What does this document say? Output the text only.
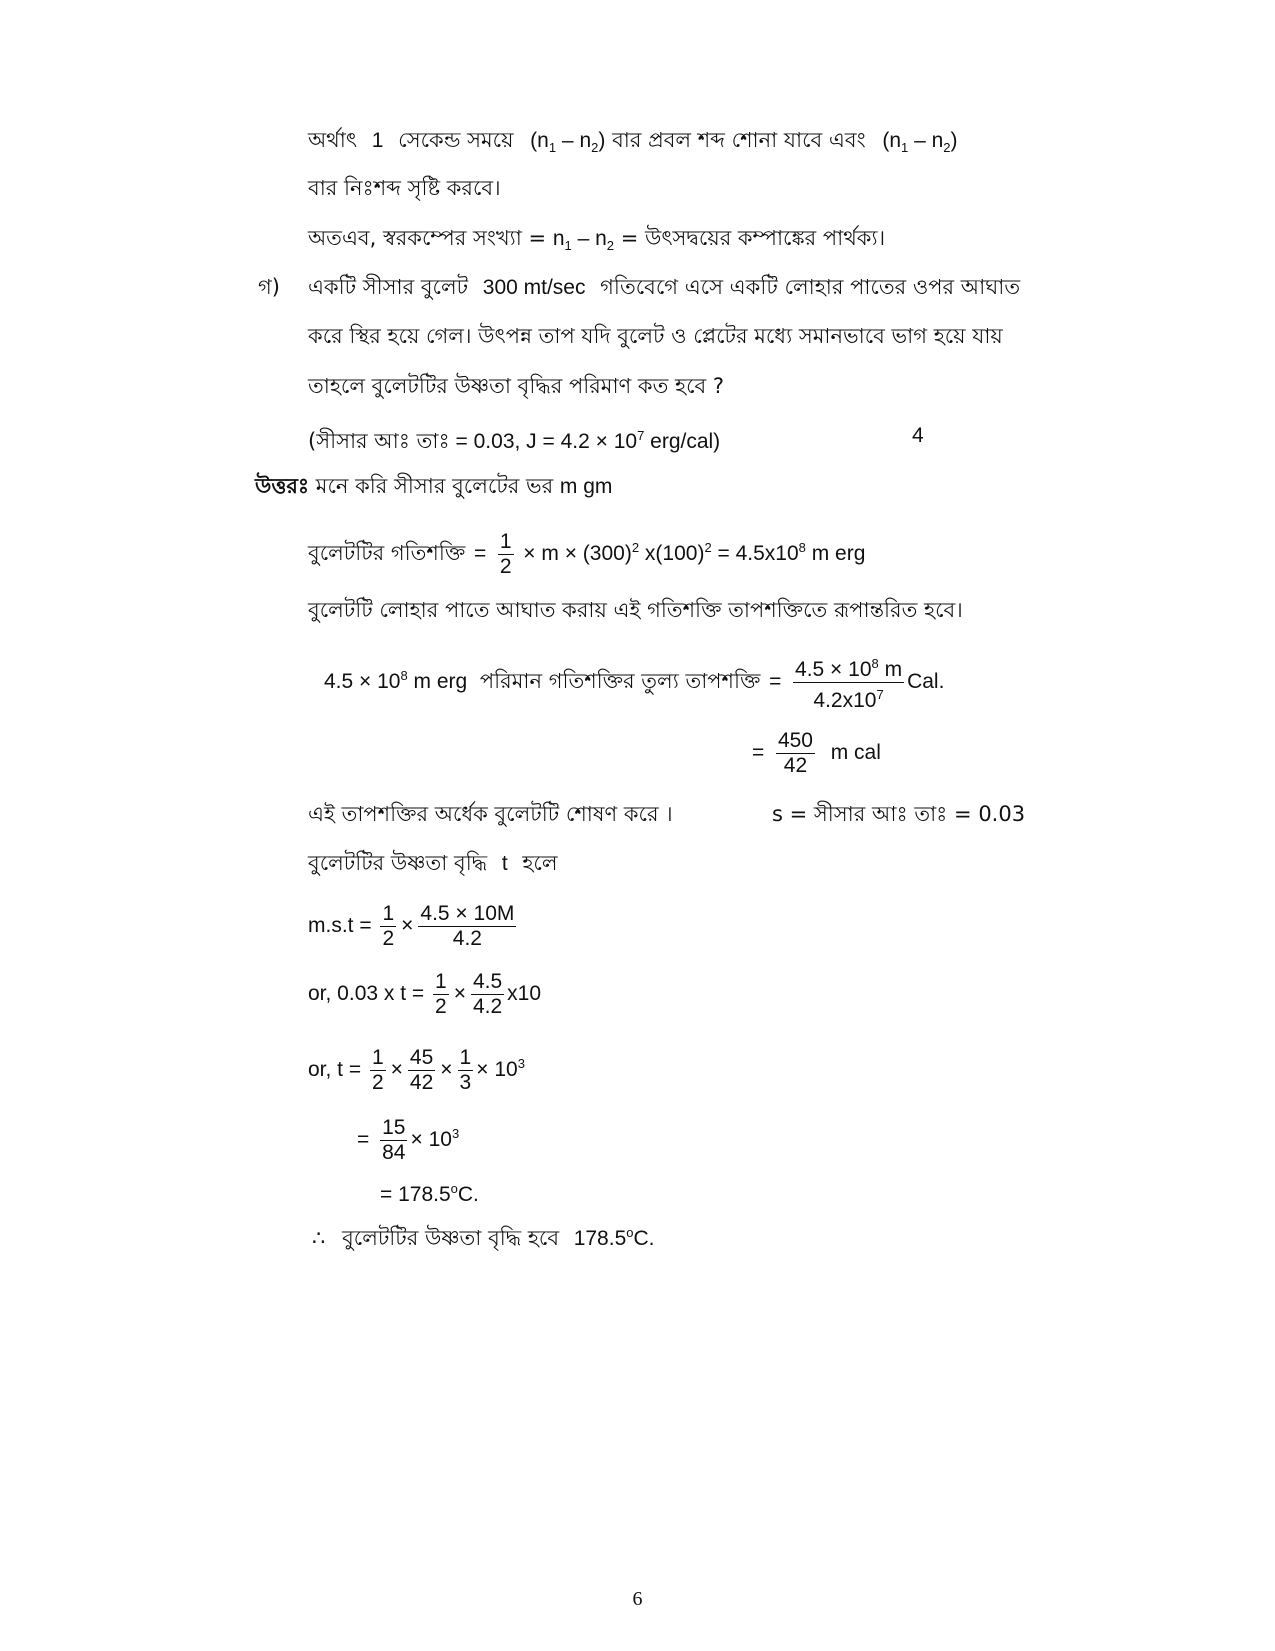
অর্থাৎ 1 সেকেন্ড সময়ে $(n_1 - n_2)$ বার প্রবল শব্দ শোনা যাবে এবং $(n_1 - n_2)$
বার নিঃশব্দ সৃষ্টি করবে।
অতএব, স্বরকম্পের সংখ্যা = $n_1 - n_2$ = উৎসদ্বয়ের কম্পাঙ্কের পার্থক্য।
গ) একটি সীসার বুলেট 300 mt/sec গতিবেগে এসে একটি লোহার পাতের ওপর আঘাত
করে স্থির হয়ে গেল। উৎপন্ন তাপ যদি বুলেট ও প্লেটের মধ্যে সমানভাবে ভাগ হয়ে যায়
তাহলে বুলেটটির উষ্ণতা বৃদ্ধির পরিমাণ কত হবে ?
(সীসার আঃ তাঃ = 0.03, $J = 4.2 \times 10^7$ erg/cal)	4
উত্তরঃ মনে করি সীসার বুলেটের ভর m gm
বুলেটটির গতিশক্তি = $\frac{1}{2} \times m \times (300)^2$ $x(100)^2 = 4.5x10^8$ m erg
বুলেটটি লোহার পাতে আঘাত করায় এই গতিশক্তি তাপশক্তিতে রূপান্তরিত হবে।
$4.5 \times 10^8$ m erg পরিমান গতিশক্তির তুল্য তাপশক্তি = $\frac{4.5 \times 10^8 m}{4.2x10^7}$ Cal.
= $\frac{450}{42}$ m cal
এই তাপশক্তির অর্ধেক বুলেটটি শোষণ করে ।	s = সীসার আঃ তাঃ = 0.03
বুলেটটির উষ্ণতা বৃদ্ধি t হলে
$m.s.t = \frac{1}{2} \times \frac{4.5 \times 10M}{4.2}$
or, 0.03 x $t = \frac{1}{2} \times \frac{4.5}{4.2} x10$
or, $t = \frac{1}{2} \times \frac{45}{42} \times \frac{1}{3} \times 10^3$
= $\frac{15}{84} \times 10^3$
= $178.5^oC$.
∴ বুলেটটির উষ্ণতা বৃদ্ধি হবে 178.5$^o$C.
6
